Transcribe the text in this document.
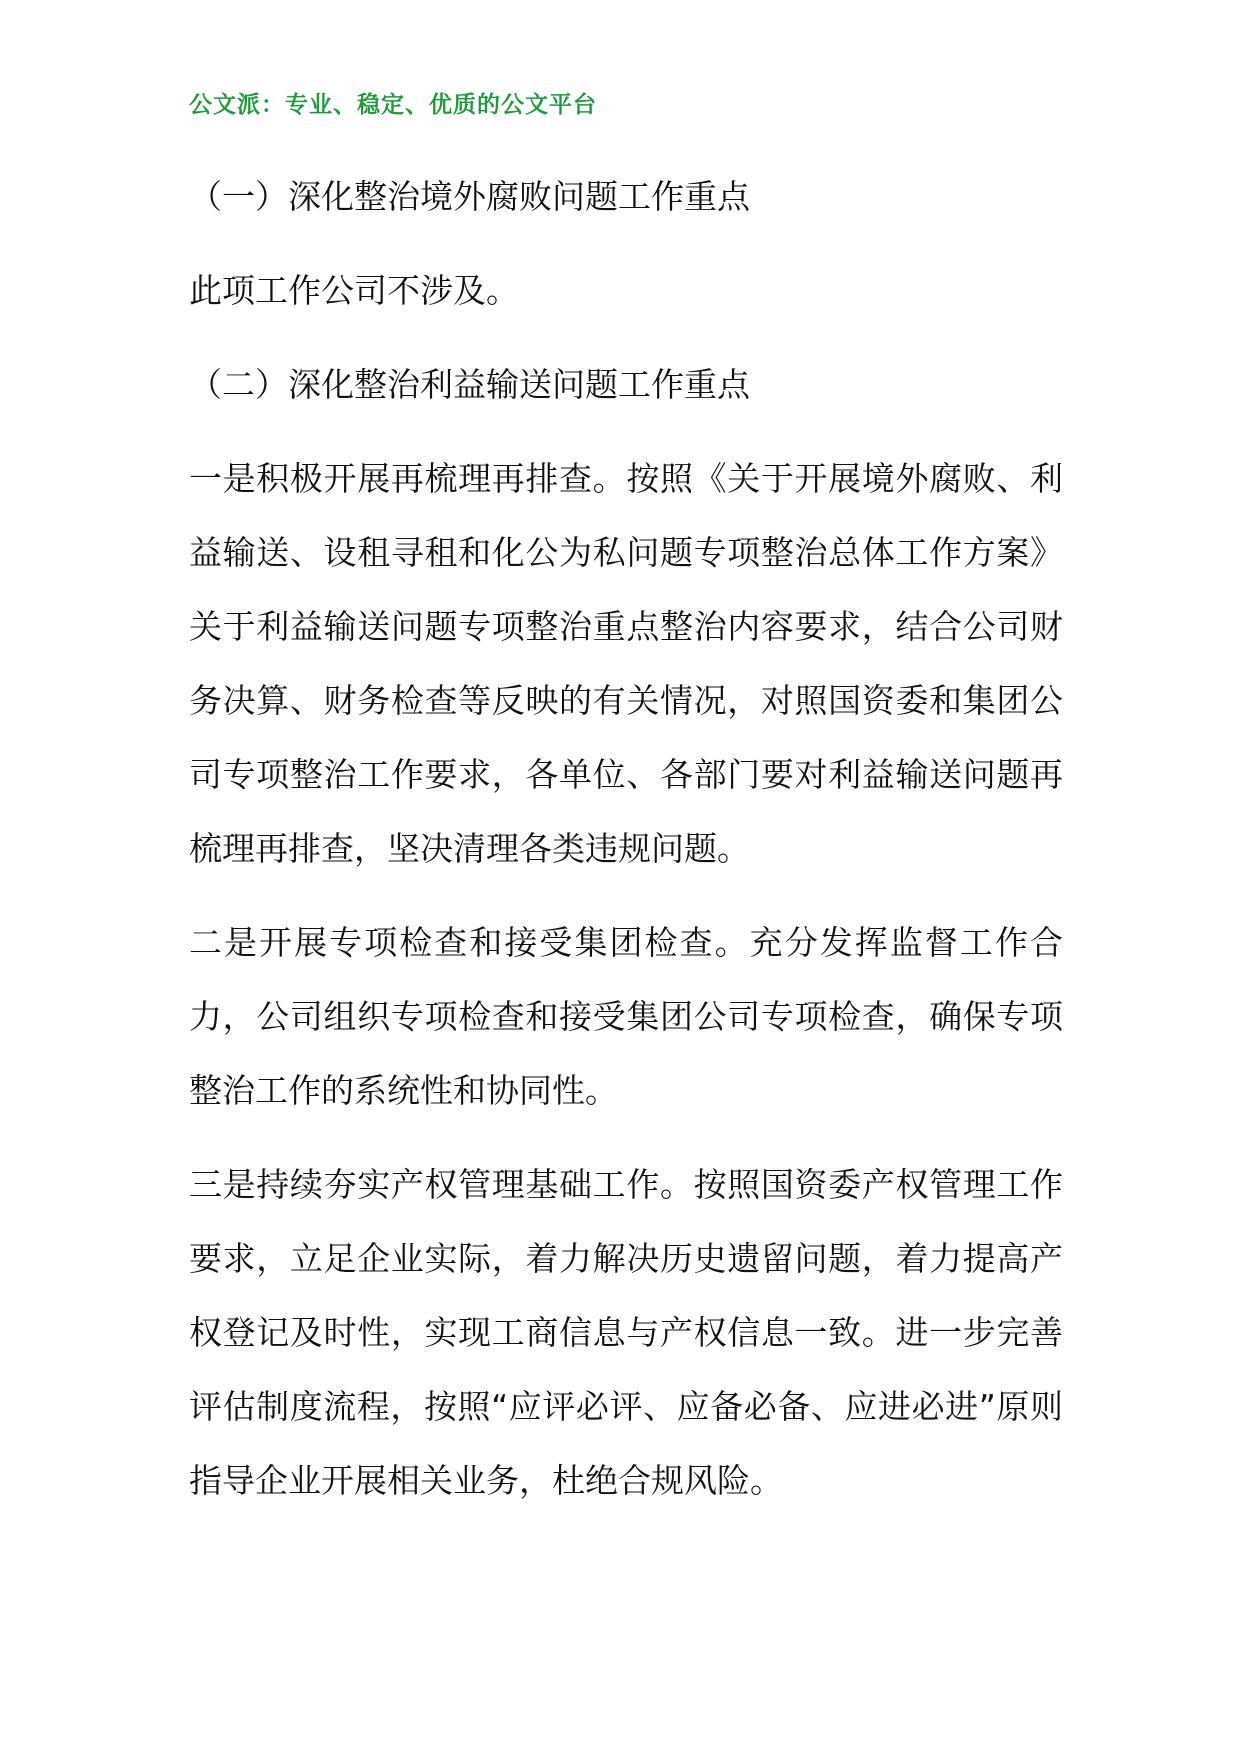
公文派：专业、稳定、优质的公文平台

（一）深化整治境外腐败问题工作重点

此项工作公司不涉及。

（二）深化整治利益输送问题工作重点

一是积极开展再梳理再排查。按照《关于开展境外腐败、利益输送、设租寻租和化公为私问题专项整治总体工作方案》关于利益输送问题专项整治重点整治内容要求，结合公司财务决算、财务检查等反映的有关情况，对照国资委和集团公司专项整治工作要求，各单位、各部门要对利益输送问题再梳理再排查，坚决清理各类违规问题。

二是开展专项检查和接受集团检查。充分发挥监督工作合力，公司组织专项检查和接受集团公司专项检查，确保专项整治工作的系统性和协同性。

三是持续夯实产权管理基础工作。按照国资委产权管理工作要求，立足企业实际，着力解决历史遗留问题，着力提高产权登记及时性，实现工商信息与产权信息一致。进一步完善评估制度流程，按照“应评必评、应备必备、应进必进”原则指导企业开展相关业务，杜绝合规风险。
